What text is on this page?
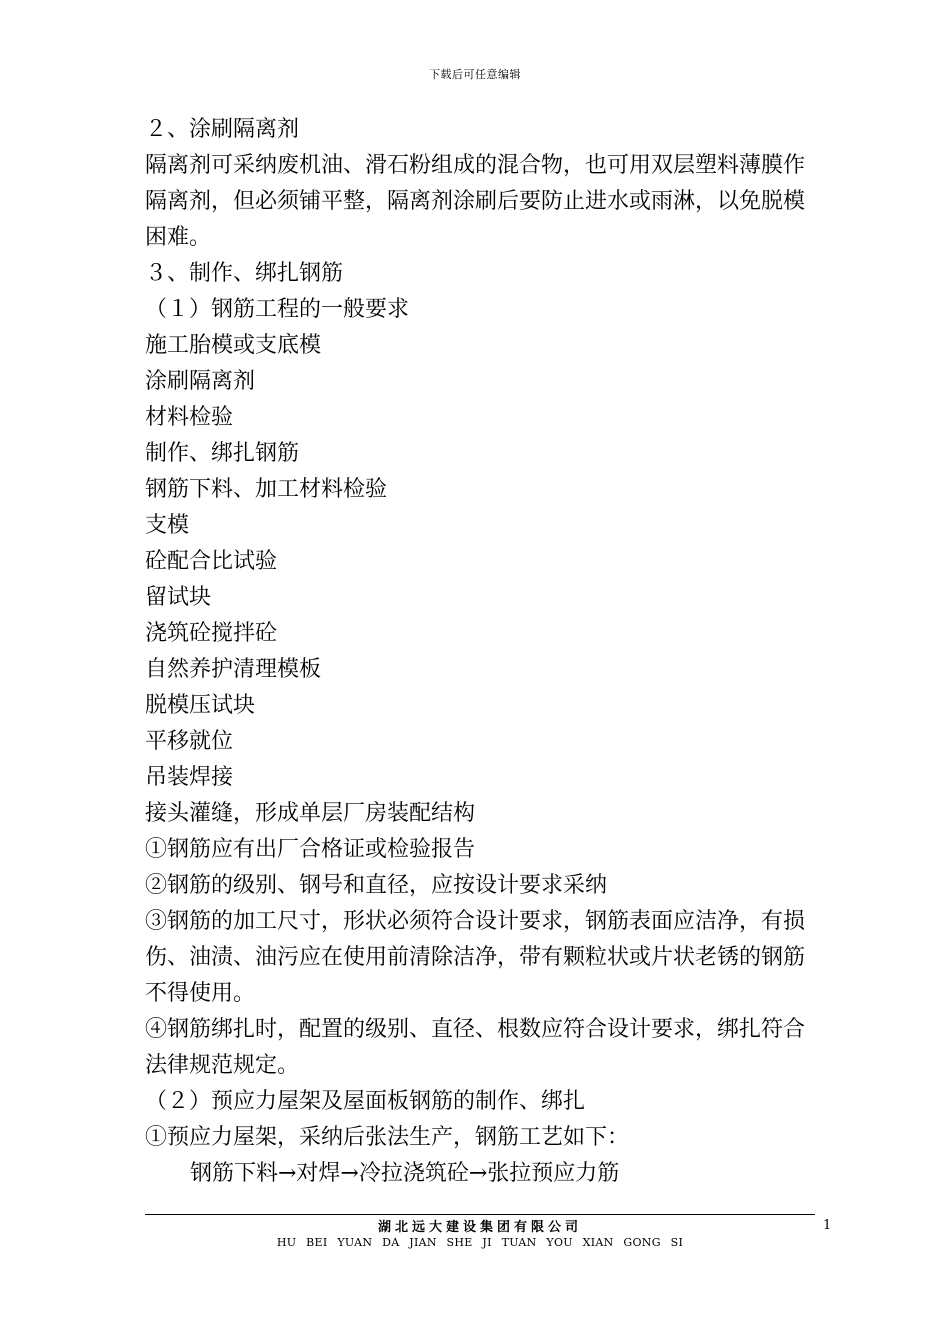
下载后可任意编辑
２、涂刷隔离剂
隔离剂可采纳废机油、滑石粉组成的混合物，也可用双层塑料薄膜作
隔离剂，但必须铺平整，隔离剂涂刷后要防止进水或雨淋，以免脱模
困难。
３、制作、绑扎钢筋
（１）钢筋工程的一般要求
施工胎模或支底模
涂刷隔离剂
材料检验
制作、绑扎钢筋
钢筋下料、加工材料检验
支模
砼配合比试验
留试块
浇筑砼搅拌砼
自然养护清理模板
脱模压试块
平移就位
吊装焊接
接头灌缝，形成单层厂房装配结构
①钢筋应有出厂合格证或检验报告
②钢筋的级别、钢号和直径，应按设计要求采纳
③钢筋的加工尺寸，形状必须符合设计要求，钢筋表面应洁净，有损
伤、油渍、油污应在使用前清除洁净，带有颗粒状或片状老锈的钢筋
不得使用。
④钢筋绑扎时，配置的级别、直径、根数应符合设计要求，绑扎符合
法律规范规定。
（２）预应力屋架及屋面板钢筋的制作、绑扎
①预应力屋架，采纳后张法生产，钢筋工艺如下：
钢筋下料→对焊→冷拉浇筑砼→张拉预应力筋
湖北远大建设集团有限公司
HU BEI YUAN DA JIAN SHE JI TUAN YOU XIAN GONG SI
1
